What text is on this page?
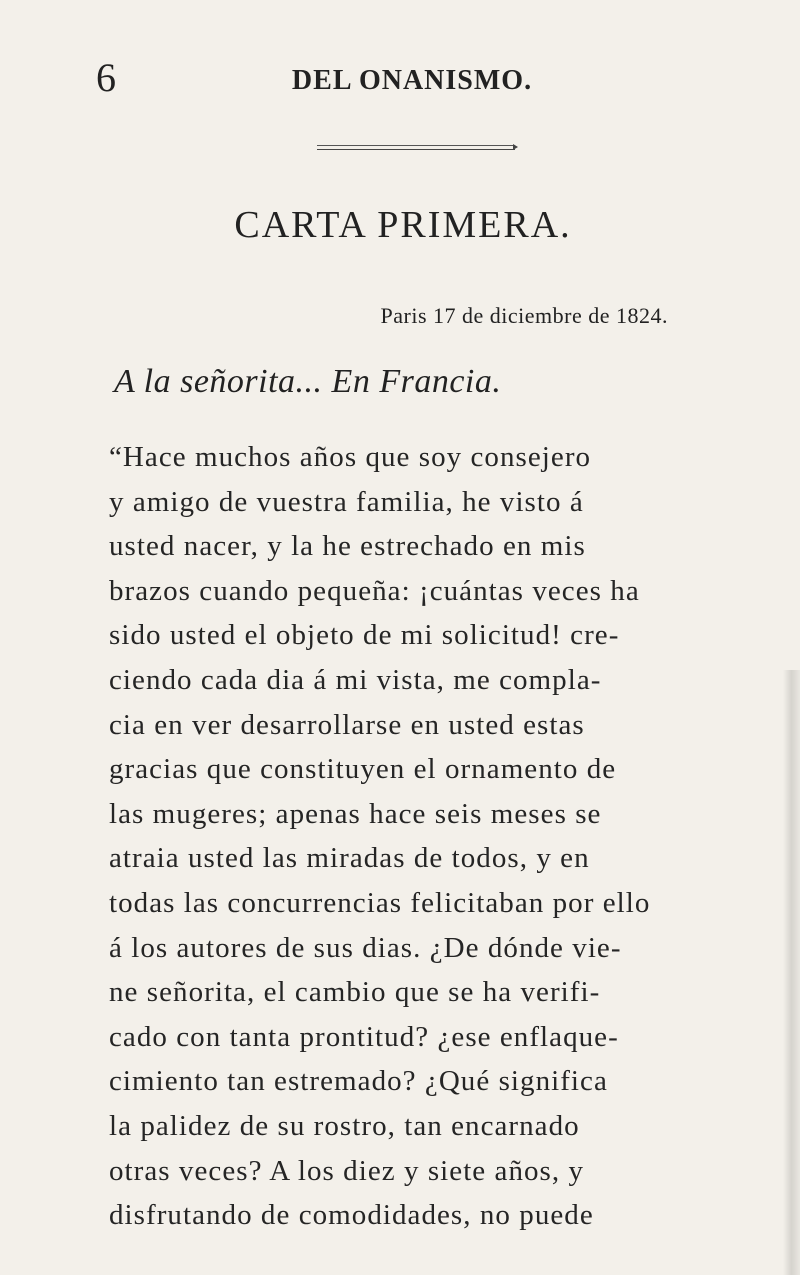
6	DEL ONANISMO.
CARTA PRIMERA.
Paris 17 de diciembre de 1824.
A la señorita... En Francia.
“Hace muchos años que soy consejero
y amigo de vuestra familia, he visto á
usted nacer, y la he estrechado en mis
brazos cuando pequeña: ¡cuántas veces ha
sido usted el objeto de mi solicitud! cre-
ciendo cada dia á mi vista, me compla-
cia en ver desarrollarse en usted estas
gracias que constituyen el ornamento de
las mugeres; apenas hace seis meses se
atraia usted las miradas de todos, y en
todas las concurrencias felicitaban por ello
á los autores de sus dias. ¿De dónde vie-
ne señorita, el cambio que se ha verifi-
cado con tanta prontitud? ¿ese enflaque-
cimiento tan estremado? ¿Qué significa
la palidez de su rostro, tan encarnado
otras veces? A los diez y siete años, y
disfrutando de comodidades, no puede
